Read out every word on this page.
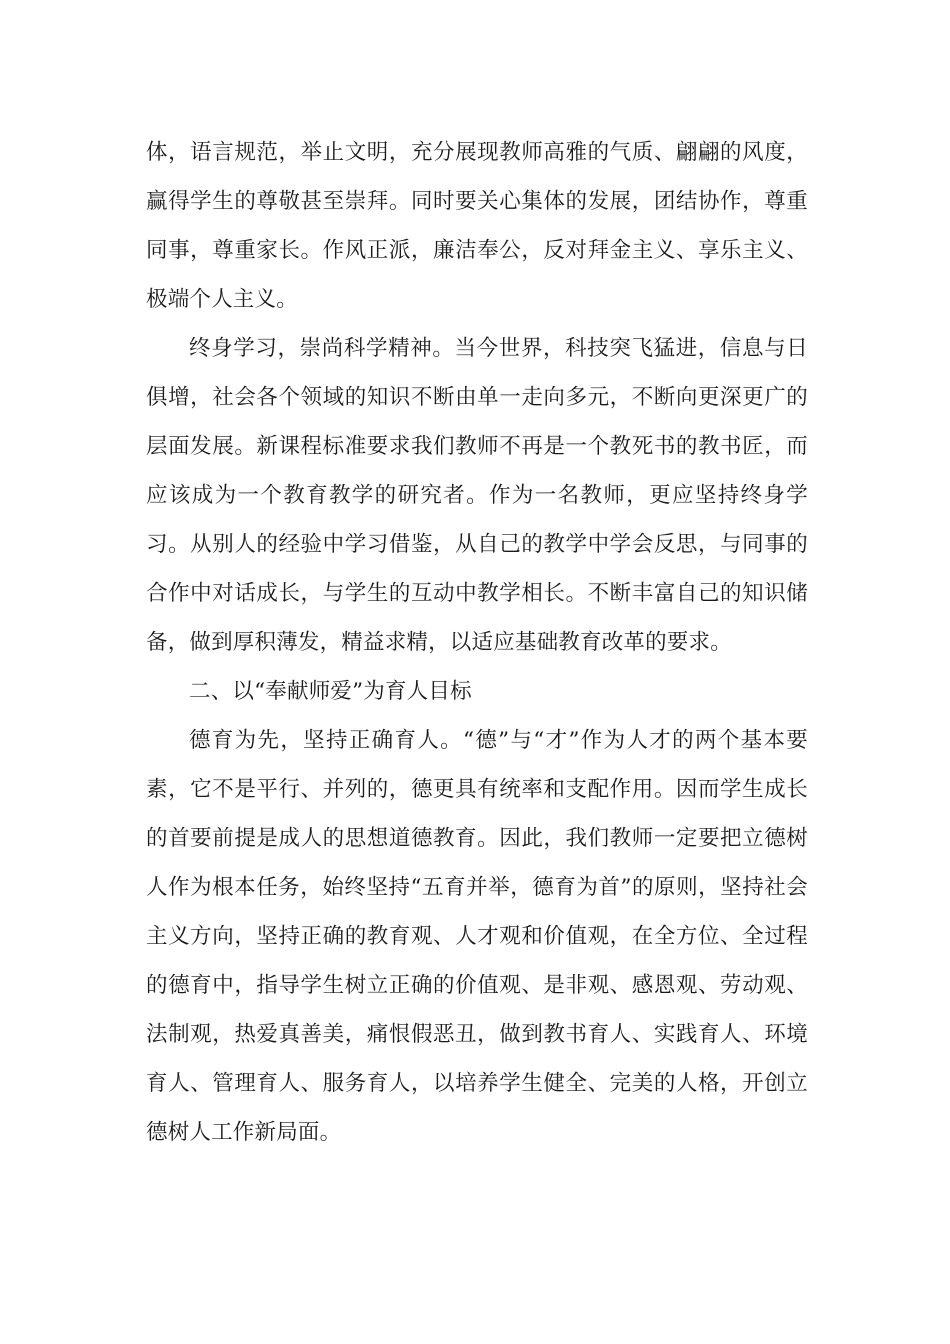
体，语言规范，举止文明，充分展现教师高雅的气质、翩翩的风度，赢得学生的尊敬甚至崇拜。同时要关心集体的发展，团结协作，尊重同事，尊重家长。作风正派，廉洁奉公，反对拜金主义、享乐主义、极端个人主义。

终身学习，崇尚科学精神。当今世界，科技突飞猛进，信息与日俱增，社会各个领域的知识不断由单一走向多元，不断向更深更广的层面发展。新课程标准要求我们教师不再是一个教死书的教书匠，而应该成为一个教育教学的研究者。作为一名教师，更应坚持终身学习。从别人的经验中学习借鉴，从自己的教学中学会反思，与同事的合作中对话成长，与学生的互动中教学相长。不断丰富自己的知识储备，做到厚积薄发，精益求精，以适应基础教育改革的要求。

二、以“奉献师爱”为育人目标

德育为先，坚持正确育人。“德”与“才”作为人才的两个基本要素，它不是平行、并列的，德更具有统率和支配作用。因而学生成长的首要前提是成人的思想道德教育。因此，我们教师一定要把立德树人作为根本任务，始终坚持“五育并举，德育为首”的原则，坚持社会主义方向，坚持正确的教育观、人才观和价值观，在全方位、全过程的德育中，指导学生树立正确的价值观、是非观、感恩观、劳动观、法制观，热爱真善美，痛恨假恶丑，做到教书育人、实践育人、环境育人、管理育人、服务育人，以培养学生健全、完美的人格，开创立德树人工作新局面。
